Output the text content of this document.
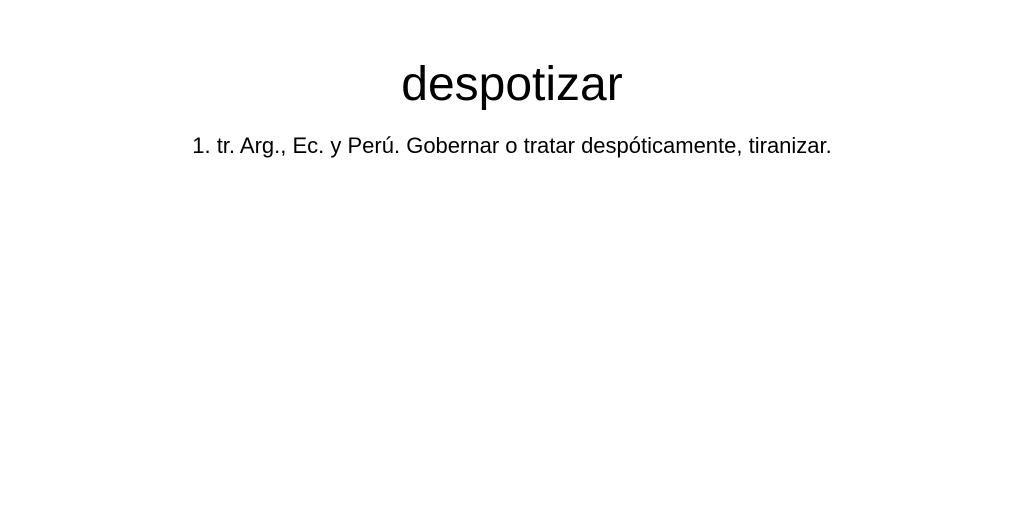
despotizar

1. tr. Arg., Ec. y Perú. Gobernar o tratar despóticamente, tiranizar.
